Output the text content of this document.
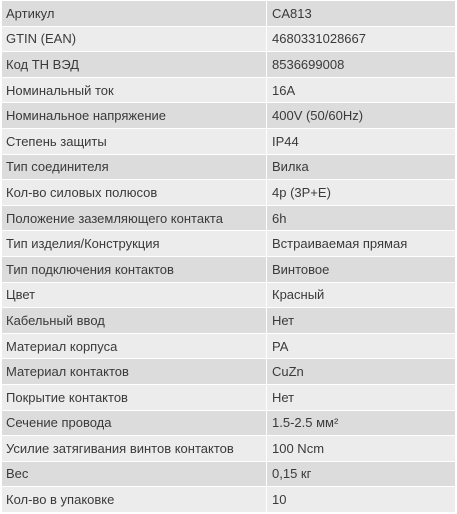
Артикул	CA813
GTIN (EAN)	4680331028667
Код ТН ВЭД	8536699008
Номинальный ток	16A
Номинальное напряжение	400V (50/60Hz)
Степень защиты	IP44
Тип соединителя	Вилка
Кол-во силовых полюсов	4p (3P+E)
Положение заземляющего контакта	6h
Тип изделия/Конструкция	Встраиваемая прямая
Тип подключения контактов	Винтовое
Цвет	Красный
Кабельный ввод	Нет
Материал корпуса	PA
Материал контактов	CuZn
Покрытие контактов	Нет
Сечение провода	1.5-2.5 мм²
Усилие затягивания винтов контактов	100 Ncm
Вес	0,15 кг
Кол-во в упаковке	10
